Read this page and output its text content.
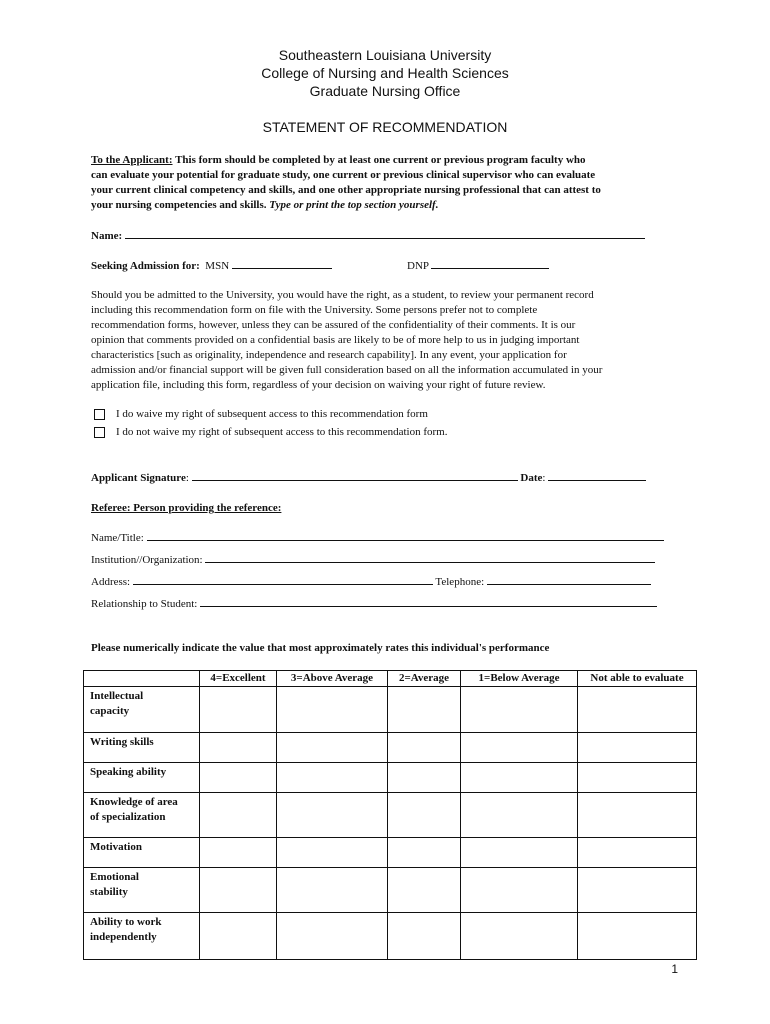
Southeastern Louisiana University
College of Nursing and Health Sciences
Graduate Nursing Office
STATEMENT OF RECOMMENDATION
To the Applicant: This form should be completed by at least one current or previous program faculty who
can evaluate your potential for graduate study, one current or previous clinical supervisor who can evaluate
your current clinical competency and skills, and one other appropriate nursing professional that can attest to
your nursing competencies and skills. Type or print the top section yourself.
Name:
Seeking Admission for: MSN	DNP
Should you be admitted to the University, you would have the right, as a student, to review your permanent record
including this recommendation form on file with the University. Some persons prefer not to complete
recommendation forms, however, unless they can be assured of the confidentiality of their comments. It is our
opinion that comments provided on a confidential basis are likely to be of more help to us in judging important
characteristics [such as originality, independence and research capability]. In any event, your application for
admission and/or financial support will be given full consideration based on all the information accumulated in your
application file, including this form, regardless of your decision on waiving your right of future review.
I do waive my right of subsequent access to this recommendation form
I do not waive my right of subsequent access to this recommendation form.
Applicant Signature:	Date:
Referee: Person providing the reference:
Name/Title:
Institution//Organization:
Address:	Telephone:
Relationship to Student:
Please numerically indicate the value that most approximately rates this individual's performance
	4=Excellent	3=Above Average	2=Average	1=Below Average	Not able to evaluate

Intellectual
capacity					

Writing skills					

Speaking ability					

Knowledge of area
of specialization					

Motivation					

Emotional
stability					

Ability to work
independently					

1
